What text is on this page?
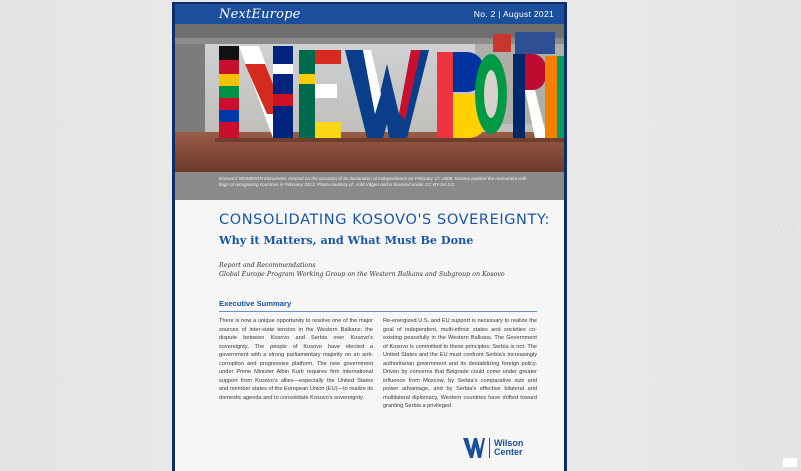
RFE/RL
NextEurope	No. 2 | August 2021
Kosovo's NEWBORN Monument, erected on the occasion of its declaration of independence on February 17, 2008. Kosovo painted the monument with flags of recognizing countries in February 2013. Photo courtesy of: Arild Vågen and is licensed under CC BY-SA 3.0.
CONSOLIDATING KOSOVO'S SOVEREIGNTY:
Why it Matters, and What Must Be Done
Report and Recommendations
Global Europe Program Working Group on the Western Balkans and Subgroup on Kosovo
Executive Summary

There is now a unique opportunity to resolve one of the major sources of inter-state tension in the Western Balkans: the dispute between Kosovo and Serbia over Kosovo's sovereignty. The people of Kosovo have elected a government with a strong parliamentary majority on an anti-corruption and progressive platform. The new government under Prime Minister Albin Kurti requires firm international support from Kosovo's allies—especially the United States and member states of the European Union (EU)—to realize its domestic agenda and to consolidate Kosovo's sovereignty.

Re-energized U.S. and EU support is necessary to realize the goal of independent, multi-ethnic states and societies co-existing peacefully in the Western Balkans. The Government of Kosovo is committed to these principles; Serbia is not. The United States and the EU must confront Serbia's increasingly authoritarian government and its destabilizing foreign policy. Driven by concerns that Belgrade could come under greater influence from Moscow, by Serbia's comparative size and power advantage, and by Serbia's effective bilateral and multilateral diplomacy, Western countries have drifted toward granting Serbia a privileged

Wilson
Center
